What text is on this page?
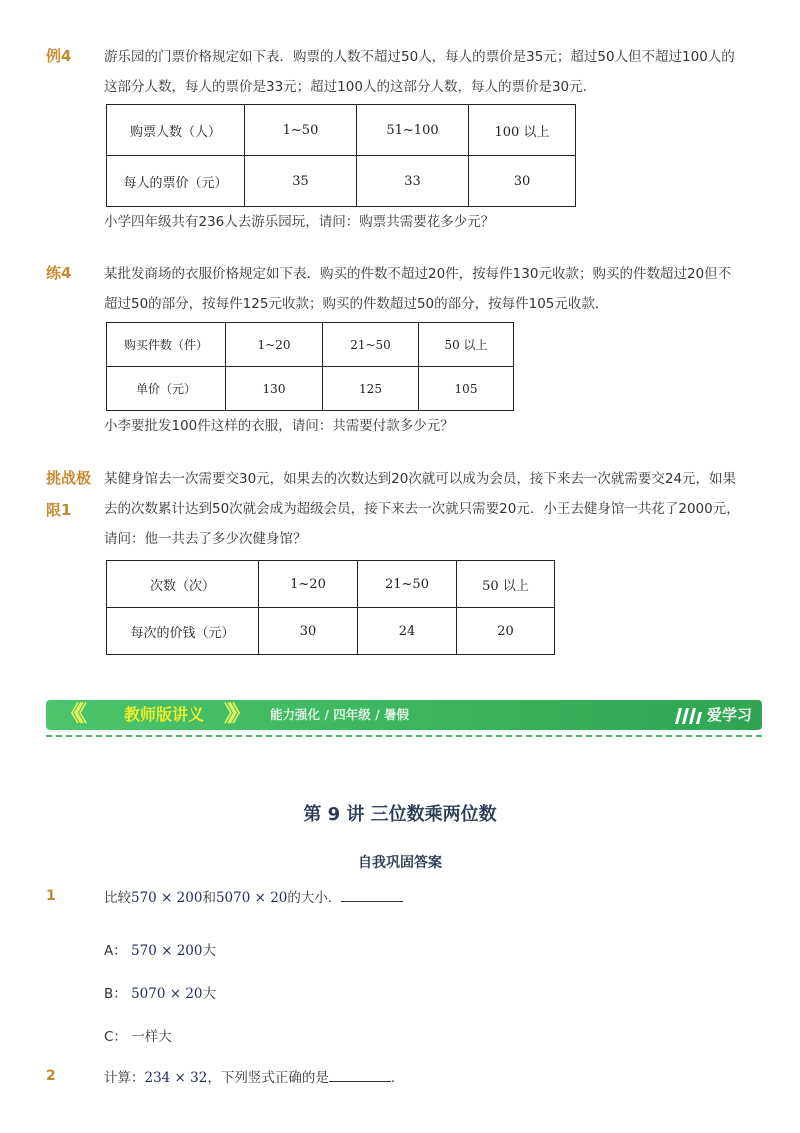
例4 游乐园的门票价格规定如下表．购票的人数不超过50人，每人的票价是35元；超过50人但不超过100人的这部分人数，每人的票价是33元；超过100人的这部分人数，每人的票价是30元．
购票人数（人）	1~50	51~100	100 以上
每人的票价（元）	35	33	30
小学四年级共有236人去游乐园玩，请问：购票共需要花多少元？
练4 某批发商场的衣服价格规定如下表．购买的件数不超过20件，按每件130元收款；购买的件数超过20但不超过50的部分，按每件125元收款；购买的件数超过50的部分，按每件105元收款．
购买件数（件）	1~20	21~50	50 以上
单价（元）	130	125	105
小李要批发100件这样的衣服，请问：共需要付款多少元？
挑战极
限1
某健身馆去一次需要交30元，如果去的次数达到20次就可以成为会员，接下来去一次就需要交24元，如果去的次数累计达到50次就会成为超级会员，接下来去一次就只需要20元．小王去健身馆一共花了2000元，请问：他一共去了多少次健身馆？
次数（次）	1~20	21~50	50 以上
每次的价钱（元）	30	24	20
《《	教师版讲义 》》 能力强化 / 四年级 / 暑假	爱学习
第 9 讲 三位数乘两位数
自我巩固答案
1	比较570 × 200和5070 × 20的大小．
A： 570 × 200大
B： 5070 × 20大
C： 一样大
2	计算：234 × 32，下列竖式正确的是	．
